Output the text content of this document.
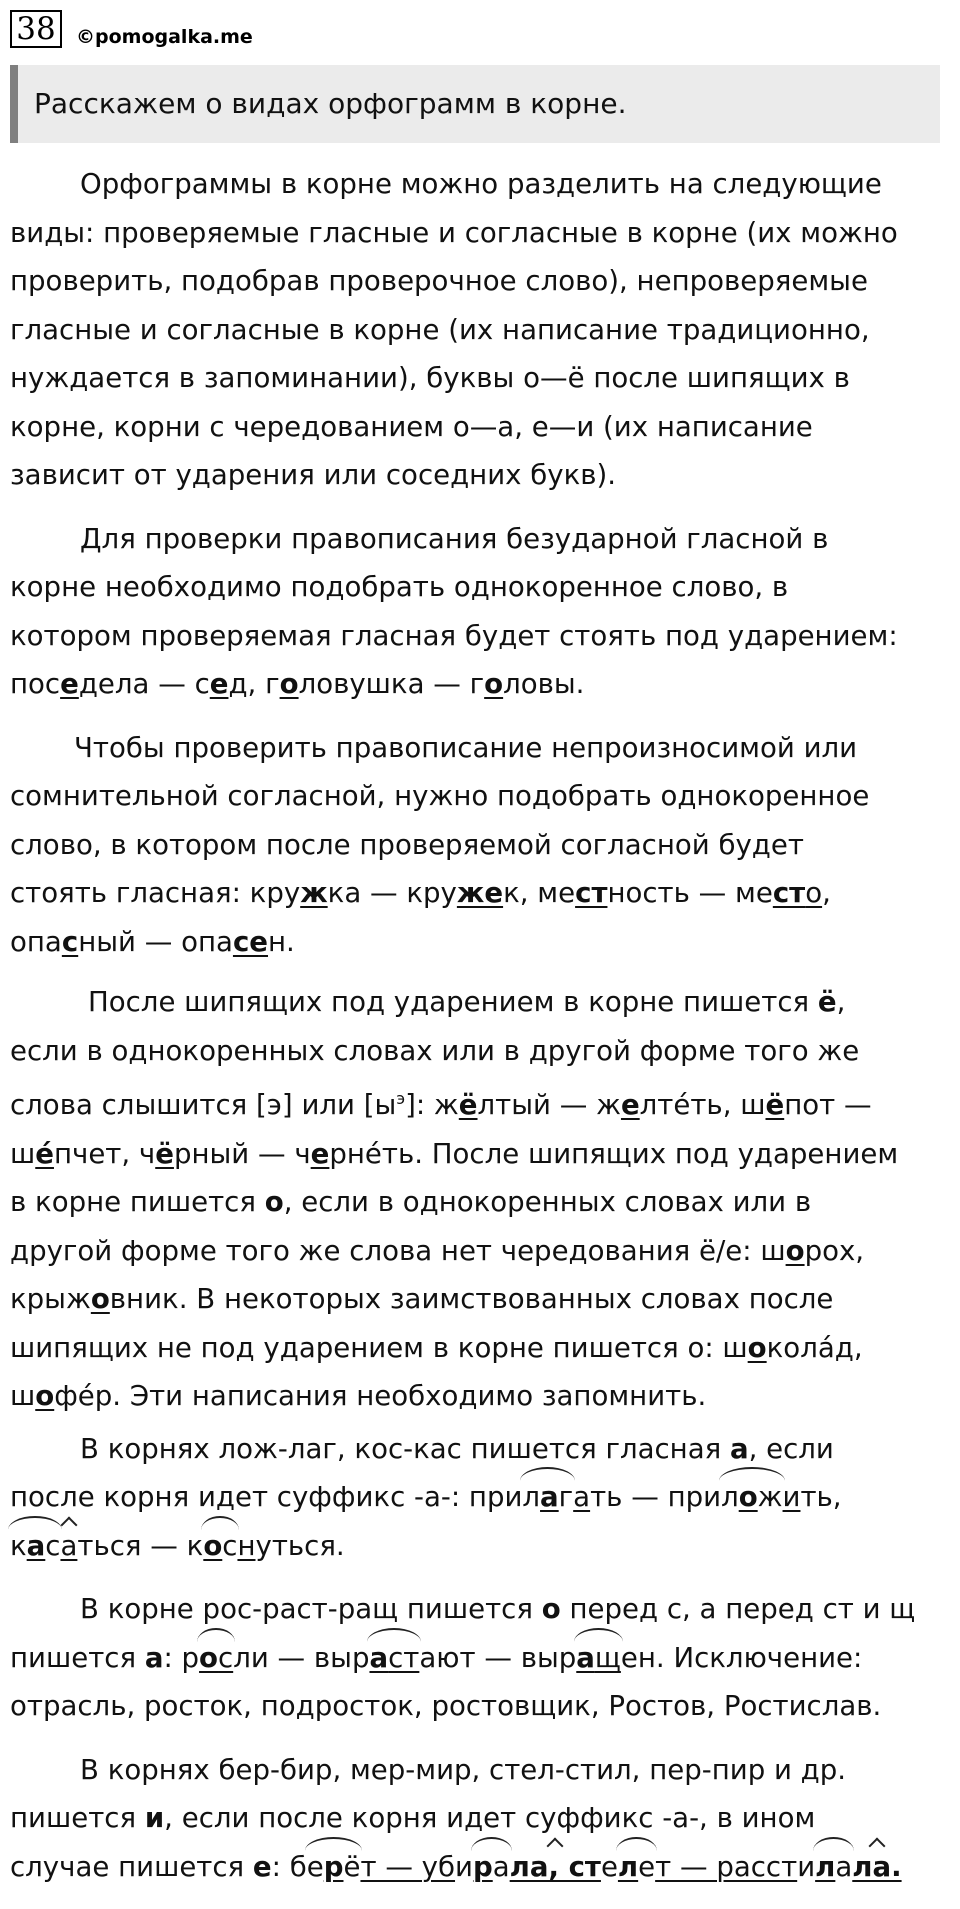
38	©pomogalka.me
Расскажем о видах орфограмм в корне.

Орфограммы в корне можно разделить на следующие

виды: проверяемые гласные и согласные в корне (их можно

проверить, подобрав проверочное слово), непроверяемые

гласные и согласные в корне (их написание традиционно,

нуждается в запоминании), буквы о—ё после шипящих в

корне, корни с чередованием о—а, е—и (их написание

зависит от ударения или соседних букв).

Для проверки правописания безударной гласной в

корне необходимо подобрать однокоренное слово, в

котором проверяемая гласная будет стоять под ударением:

поседела — сед, головушка — головы.

Чтобы проверить правописание непроизносимой или

сомнительной согласной, нужно подобрать однокоренное

слово, в котором после проверяемой согласной будет

стоять гласная: кружка — кружек, местность — место,

опасный — опасен.

После шипящих под ударением в корне пишется ё,

если в однокоренных словах или в другой форме того же

слова слышится [э] или $[ы^э]$: жёлтый — желте́ть, шёпот —

ше́пчет, чёрный — черне́ть. После шипящих под ударением

в корне пишется о, если в однокоренных словах или в

другой форме того же слова нет чередования ё/е: шорох,

крыжовник. В некоторых заимствованных словах после

шипящих не под ударением в корне пишется о: шокола́д,

шофе́р. Эти написания необходимо запомнить.

В корнях лож-лаг, кос-кас пишется гласная а, если

после корня идет суффикс -а-: прилагать — приложить,

касаться — коснуться.

В корне рос-раст-ращ пишется о перед с, а перед ст и щ

пишется а: росли — вырастают — выращен. Исключение:

отрасль, росток, подросток, ростовщик, Ростов, Ростислав.

В корнях бер-бир, мер-мир, стел-стил, пер-пир и др.

пишется и, если после корня идет суффикс -а-, в ином

случае пишется е: берёт — убирала, стелет — расстилала.
